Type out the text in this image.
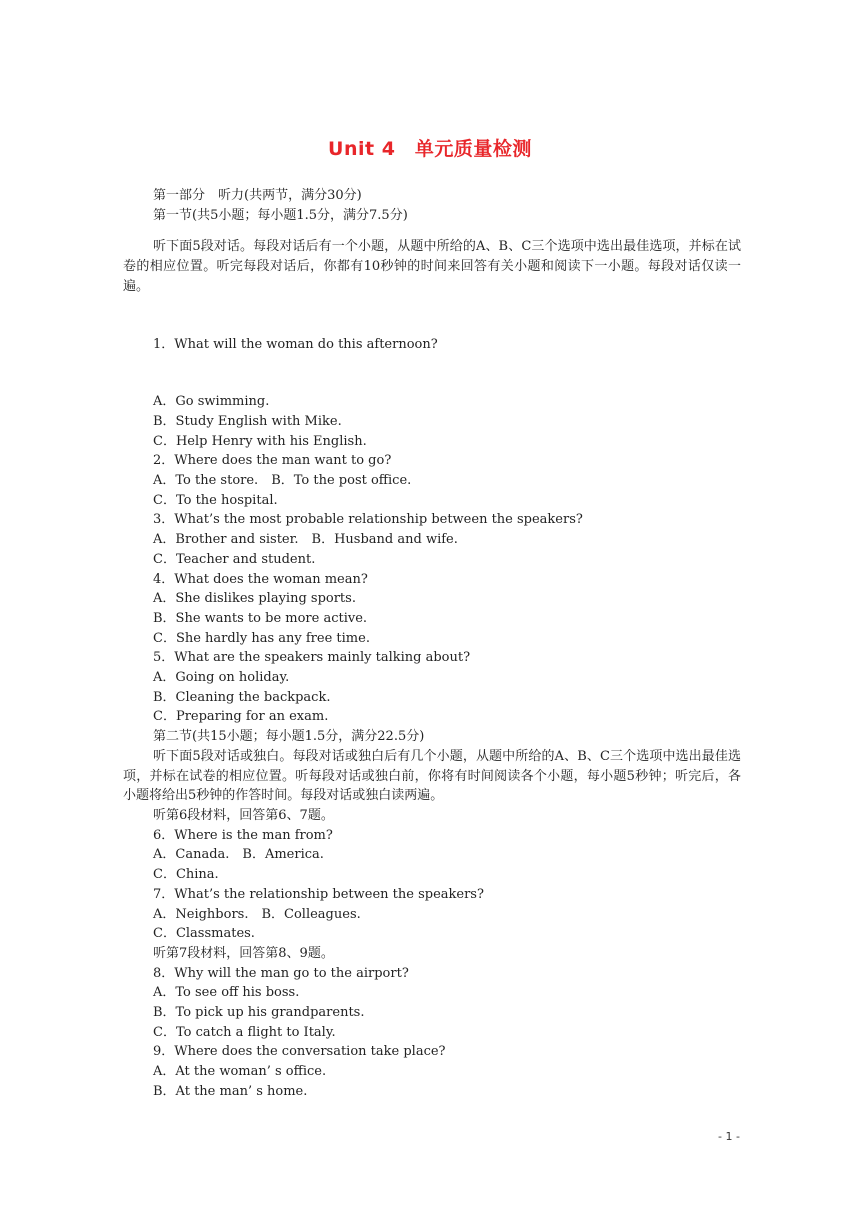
Unit 4　单元质量检测
第一部分　听力(共两节，满分30分)
第一节(共5小题；每小题1.5分，满分7.5分)
听下面5段对话。每段对话后有一个小题，从题中所给的A、B、C三个选项中选出最佳选项，并标在试卷的相应位置。听完每段对话后，你都有10秒钟的时间来回答有关小题和阅读下一小题。每段对话仅读一遍。
1．What will the woman do this afternoon?
A．Go swimming.
B．Study English with Mike.
C．Help Henry with his English.
2．Where does the man want to go?
A．To the store.　B．To the post office.
C．To the hospital.
3．What’s the most probable relationship between the speakers?
A．Brother and sister.　B．Husband and wife.
C．Teacher and student.
4．What does the woman mean?
A．She dislikes playing sports.
B．She wants to be more active.
C．She hardly has any free time.
5．What are the speakers mainly talking about?
A．Going on holiday.
B．Cleaning the backpack.
C．Preparing for an exam.
第二节(共15小题；每小题1.5分，满分22.5分)
听下面5段对话或独白。每段对话或独白后有几个小题，从题中所给的A、B、C三个选项中选出最佳选项，并标在试卷的相应位置。听每段对话或独白前，你将有时间阅读各个小题，每小题5秒钟；听完后，各小题将给出5秒钟的作答时间。每段对话或独白读两遍。
听第6段材料，回答第6、7题。
6．Where is the man from?
A．Canada.　B．America.
C．China.
7．What’s the relationship between the speakers?
A．Neighbors.　B．Colleagues.
C．Classmates.
听第7段材料，回答第8、9题。
8．Why will the man go to the airport?
A．To see off his boss.
B．To pick up his grandparents.
C．To catch a flight to Italy.
9．Where does the conversation take place?
A．At the woman’ s office.
B．At the man’ s home.
- 1 -
